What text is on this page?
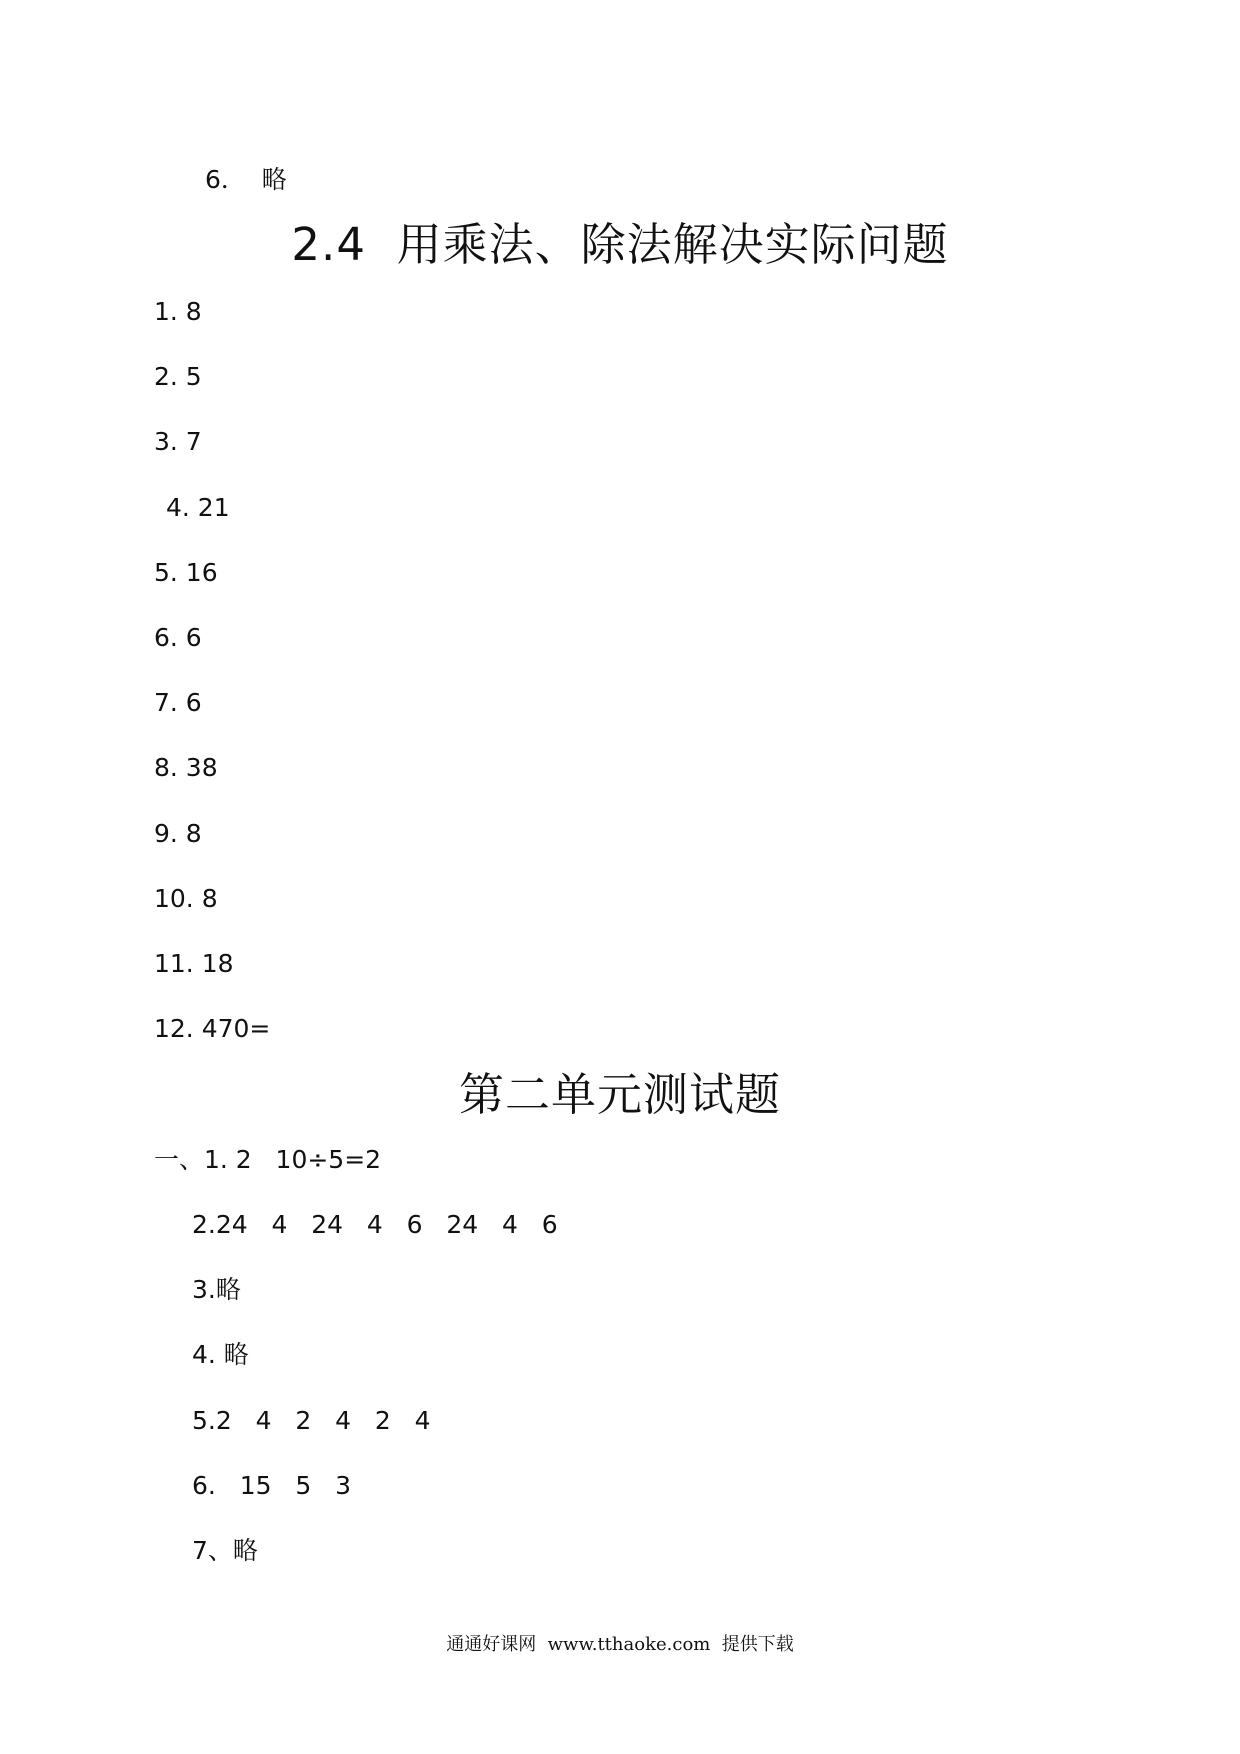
6．  略
2.4  用乘法、除法解决实际问题
1. 8
2. 5
3. 7
4. 21
5. 16
6. 6
7. 6
8. 38
9. 8
10. 8
11. 18
12. 470=
第二单元测试题
一、1. 2   10÷5=2
2.24   4   24   4   6   24   4   6
3.略
4. 略
5.2   4   2   4   2   4
6.   15   5   3
7、略
通通好课网  www.tthaoke.com  提供下载
